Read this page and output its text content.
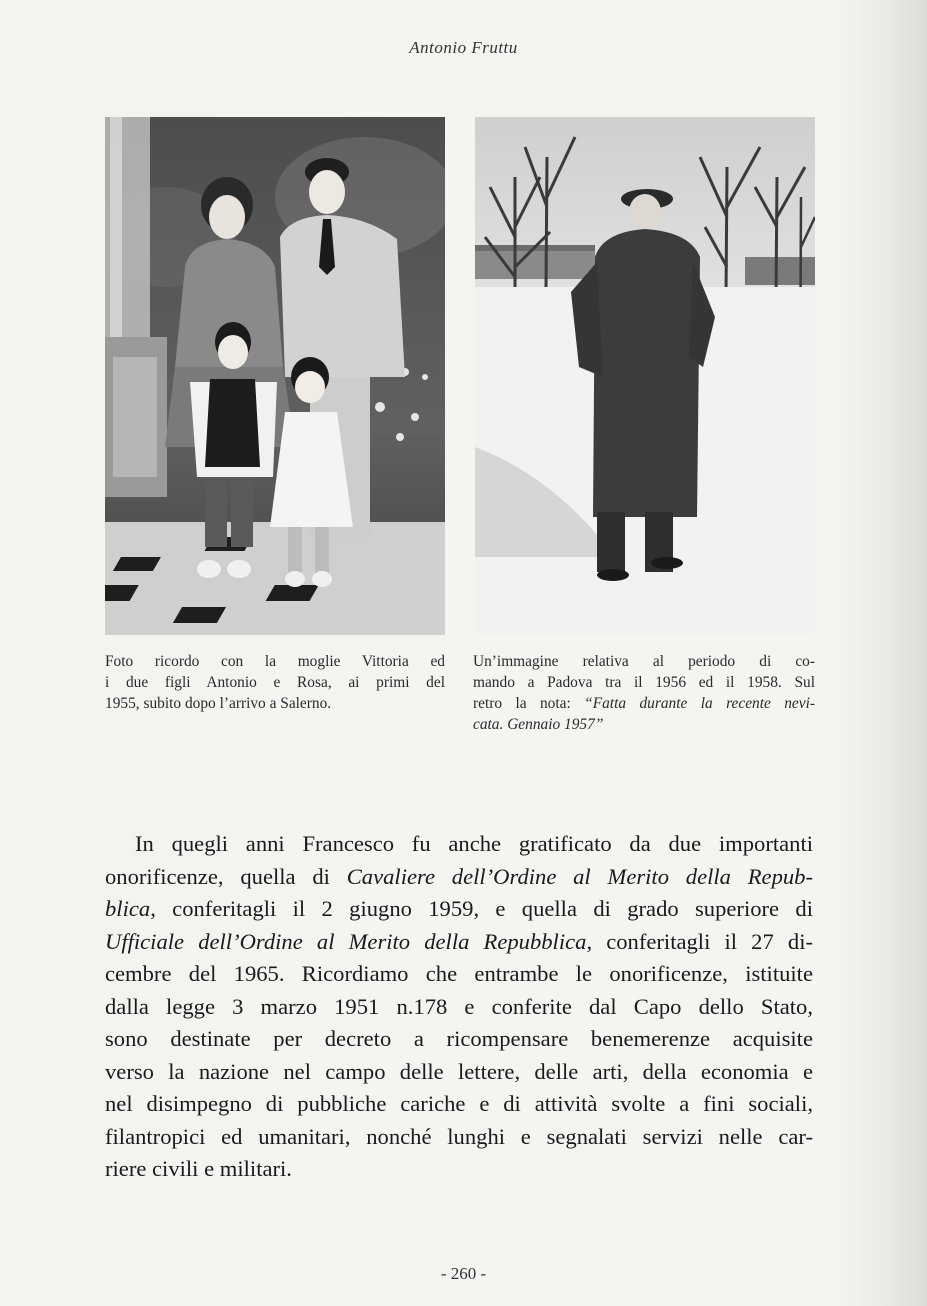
Antonio Fruttu
Foto ricordo con la moglie Vittoria ed
i due figli Antonio e Rosa, ai primi del
1955, subito dopo l’arrivo a Salerno.
Un’immagine relativa al periodo di co-
mando a Padova tra il 1956 ed il 1958. Sul
retro la nota: “Fatta durante la recente nevi-
cata. Gennaio 1957”
In quegli anni Francesco fu anche gratificato da due importanti
onorificenze, quella di Cavaliere dell’Ordine al Merito della Repub-
blica, conferitagli il 2 giugno 1959, e quella di grado superiore di
Ufficiale dell’Ordine al Merito della Repubblica, conferitagli il 27 di-
cembre del 1965. Ricordiamo che entrambe le onorificenze, istituite
dalla legge 3 marzo 1951 n.178 e conferite dal Capo dello Stato,
sono destinate per decreto a ricompensare benemerenze acquisite
verso la nazione nel campo delle lettere, delle arti, della economia e
nel disimpegno di pubbliche cariche e di attività svolte a fini sociali,
filantropici ed umanitari, nonché lunghi e segnalati servizi nelle car-
riere civili e militari.
- 260 -
